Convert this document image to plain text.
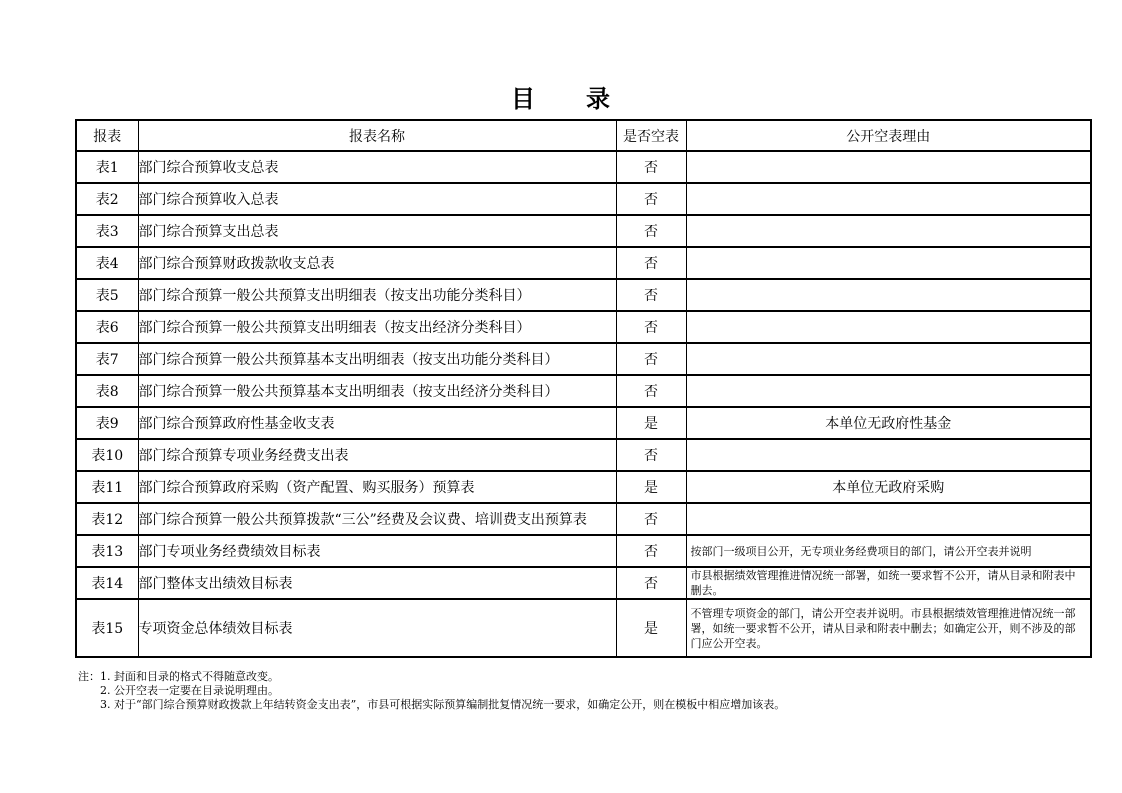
目　　录
报表	报表名称	是否空表	公开空表理由
表1	部门综合预算收支总表	否	
表2	部门综合预算收入总表	否	
表3	部门综合预算支出总表	否	
表4	部门综合预算财政拨款收支总表	否	
表5	部门综合预算一般公共预算支出明细表（按支出功能分类科目）	否	
表6	部门综合预算一般公共预算支出明细表（按支出经济分类科目）	否	
表7	部门综合预算一般公共预算基本支出明细表（按支出功能分类科目）	否	
表8	部门综合预算一般公共预算基本支出明细表（按支出经济分类科目）	否	
表9	部门综合预算政府性基金收支表	是	本单位无政府性基金
表10	部门综合预算专项业务经费支出表	否	
表11	部门综合预算政府采购（资产配置、购买服务）预算表	是	本单位无政府采购
表12	部门综合预算一般公共预算拨款“三公”经费及会议费、培训费支出预算表	否	
表13	部门专项业务经费绩效目标表	否	按部门一级项目公开，无专项业务经费项目的部门，请公开空表并说明
表14	部门整体支出绩效目标表	否	市县根据绩效管理推进情况统一部署，如统一要求暂不公开，请从目录和附表中删去。
表15	专项资金总体绩效目标表	是	不管理专项资金的部门，请公开空表并说明。市县根据绩效管理推进情况统一部署，如统一要求暂不公开，请从目录和附表中删去；如确定公开，则不涉及的部门应公开空表。
注：1. 封面和目录的格式不得随意改变。
2. 公开空表一定要在目录说明理由。
3. 对于“部门综合预算财政拨款上年结转资金支出表”，市县可根据实际预算编制批复情况统一要求，如确定公开，则在模板中相应增加该表。
